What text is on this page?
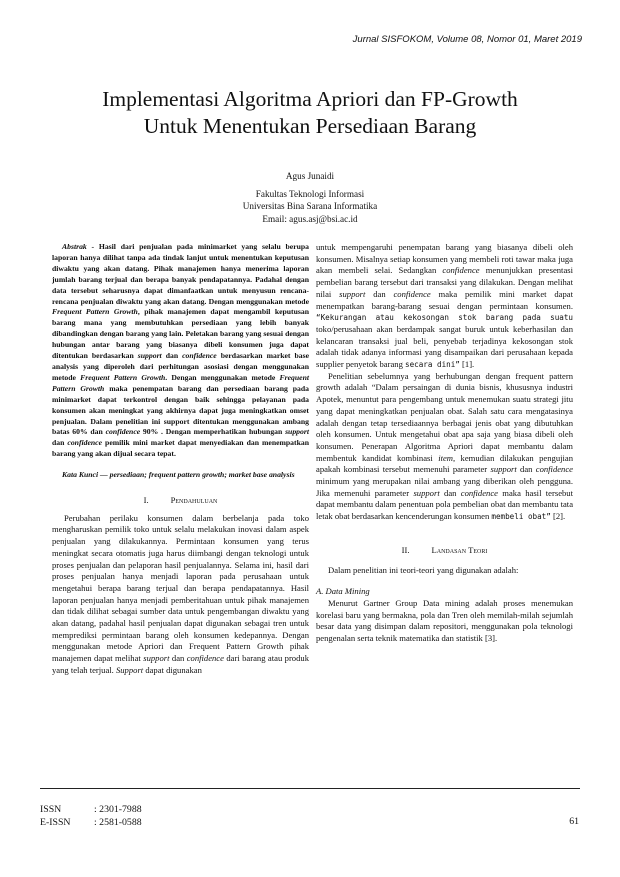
Jurnal SISFOKOM, Volume 08, Nomor 01, Maret 2019
Implementasi Algoritma Apriori dan FP-Growth
Untuk Menentukan Persediaan Barang
Agus Junaidi
Fakultas Teknologi Informasi
Universitas Bina Sarana Informatika
Email: agus.asj@bsi.ac.id

Abstrak - Hasil dari penjualan pada minimarket yang selalu berupa laporan hanya dilihat tanpa ada tindak lanjut untuk menentukan keputusan diwaktu yang akan datang. Pihak manajemen hanya menerima laporan jumlah barang terjual dan berapa banyak pendapatannya. Padahal dengan data tersebut seharusnya dapat dimanfaatkan untuk menyusun rencana-rencana penjualan diwaktu yang akan datang. Dengan menggunakan metode Frequent Pattern Growth, pihak manajemen dapat mengambil keputusan barang mana yang membutuhkan persediaan yang lebih banyak dibandingkan dengan barang yang lain. Peletakan barang yang sesuai dengan hubungan antar barang yang biasanya dibeli konsumen juga dapat ditentukan berdasarkan support dan confidence berdasarkan market base analysis yang diperoleh dari perhitungan asosiasi dengan menggunakan metode Frequent Pattern Growth. Dengan menggunakan metode Frequent Pattern Growth maka penempatan barang dan persediaan barang pada minimarket dapat terkontrol dengan baik sehingga pelayanan pada konsumen akan meningkat yang akhirnya dapat juga meningkatkan omset penjualan. Dalam penelitian ini support ditentukan menggunakan ambang batas 60% dan confidence 90% . Dengan memperhatikan hubungan support dan confidence pemilik mini market dapat menyediakan dan menempatkan barang yang akan dijual secara tepat.

Kata Kunci — persediaan; frequent pattern growth; market base analysis

I.	Pendahuluan

Perubahan perilaku konsumen dalam berbelanja pada toko mengharuskan pemilik toko untuk selalu melakukan inovasi dalam aspek penjualan yang dilakukannya. Permintaan konsumen yang terus meningkat secara otomatis juga harus diimbangi dengan teknologi untuk proses penjualan dan pelaporan hasil penjualannya. Selama ini, hasil dari proses penjualan hanya menjadi laporan pada perusahaan untuk mengetahui berapa barang terjual dan berapa pendapatannya. Hasil laporan penjualan hanya menjadi pemberitahuan untuk pihak manajemen dan tidak dilihat sebagai sumber data untuk pengembangan diwaktu yang akan datang, padahal hasil penjualan dapat digunakan sebagai tren untuk memprediksi permintaan barang oleh konsumen kedepannya. Dengan menggunakan metode Apriori dan Frequent Pattern Growth pihak manajemen dapat melihat support dan confidence dari barang atau produk yang telah terjual. Support dapat digunakan

untuk mempengaruhi penempatan barang yang biasanya dibeli oleh konsumen. Misalnya setiap konsumen yang membeli roti tawar maka juga akan membeli selai. Sedangkan confidence menunjukkan presentasi pembelian barang tersebut dari transaksi yang dilakukan. Dengan melihat nilai support dan confidence maka pemilik mini market dapat menempatkan barang-barang sesuai dengan permintaan konsumen. “Kekurangan atau kekosongan stok barang pada suatu toko/perusahaan akan berdampak sangat buruk untuk keberhasilan dan kelancaran transaksi jual beli, penyebab terjadinya kekosongan stok adalah tidak adanya informasi yang disampaikan dari perusahaan kepada supplier penyetok barang secara dini” [1].

Penelitian sebelumnya yang berhubungan dengan frequent pattern growth adalah “Dalam persaingan di dunia bisnis, khususnya industri Apotek, menuntut para pengembang untuk menemukan suatu strategi jitu yang dapat meningkatkan penjualan obat. Salah satu cara mengatasinya adalah dengan tetap tersediaannya berbagai jenis obat yang dibutuhkan oleh konsumen. Untuk mengetahui obat apa saja yang biasa dibeli oleh konsumen. Penerapan Algoritma Apriori dapat membantu dalam membentuk kandidat kombinasi item, kemudian dilakukan pengujian apakah kombinasi tersebut memenuhi parameter support dan confidence minimum yang merupakan nilai ambang yang diberikan oleh pengguna. Jika memenuhi parameter support dan confidence maka hasil tersebut dapat membantu dalam penentuan pola pembelian obat dan membantu tata letak obat berdasarkan kencenderungan konsumen membeli obat” [2].

II.	Landasan Teori

Dalam penelitian ini teori-teori yang digunakan adalah:

A. Data Mining

Menurut Gartner Group Data mining adalah proses menemukan korelasi baru yang bermakna, pola dan Tren oleh memilah-milah sejumlah besar data yang disimpan dalam repositori, menggunakan pola teknologi pengenalan serta teknik matematika dan statistik [3].

ISSN	: 2301-7988
E-ISSN : 2581-0588	61
